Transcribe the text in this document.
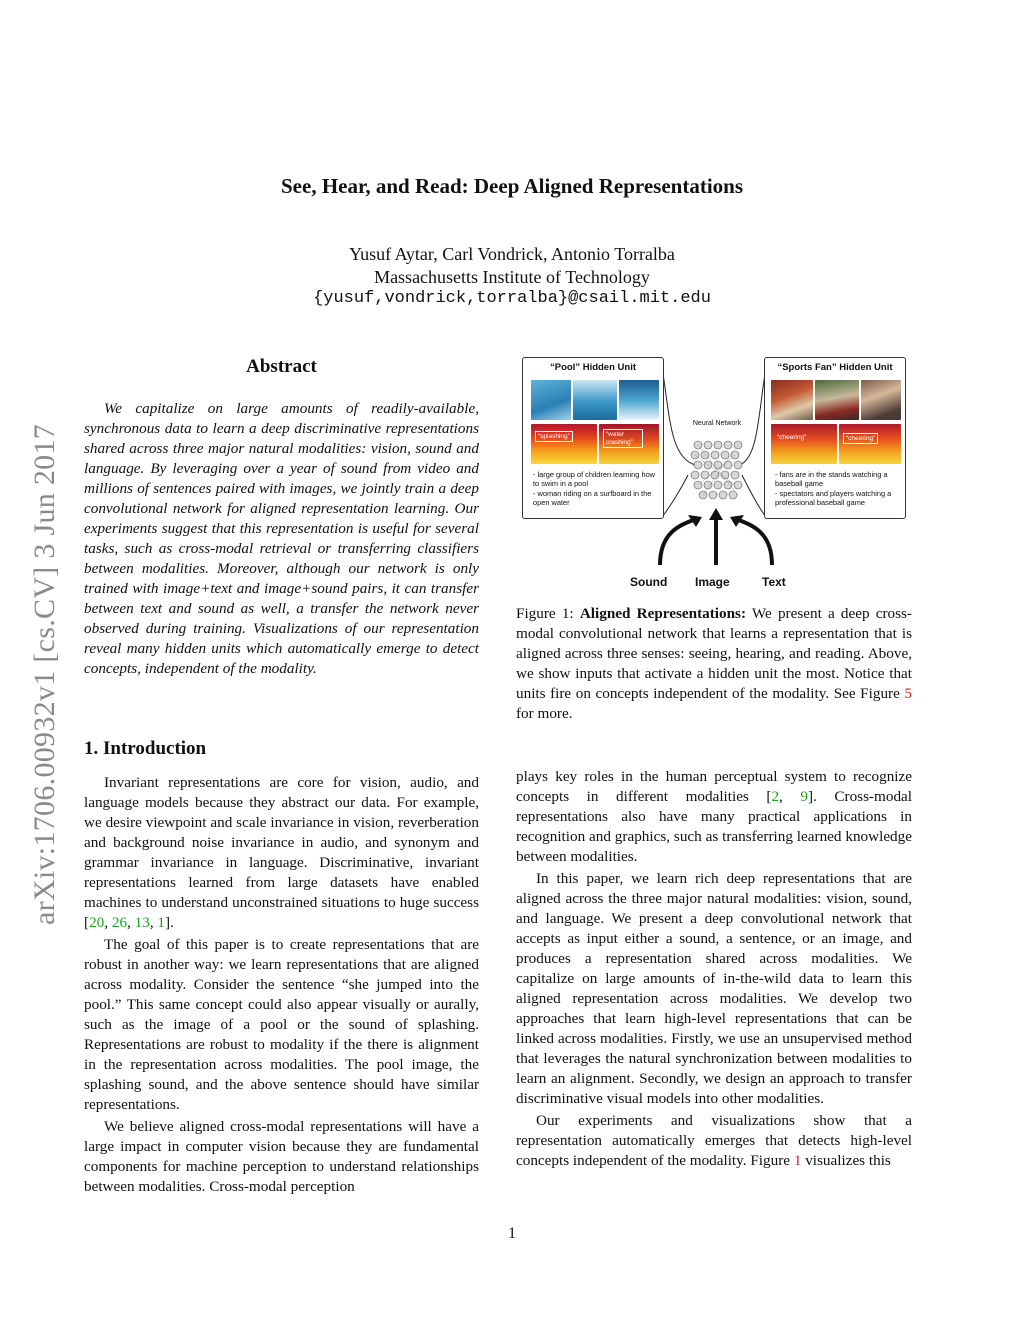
See, Hear, and Read: Deep Aligned Representations
Yusuf Aytar, Carl Vondrick, Antonio Torralba
Massachusetts Institute of Technology
{yusuf,vondrick,torralba}@csail.mit.edu
arXiv:1706.00932v1 [cs.CV] 3 Jun 2017
Abstract
We capitalize on large amounts of readily-available, synchronous data to learn a deep discriminative representations shared across three major natural modalities: vision, sound and language. By leveraging over a year of sound from video and millions of sentences paired with images, we jointly train a deep convolutional network for aligned representation learning. Our experiments suggest that this representation is useful for several tasks, such as cross-modal retrieval or transferring classifiers between modalities. Moreover, although our network is only trained with image+text and image+sound pairs, it can transfer between text and sound as well, a transfer the network never observed during training. Visualizations of our representation reveal many hidden units which automatically emerge to detect concepts, independent of the modality.
1. Introduction

Invariant representations are core for vision, audio, and language models because they abstract our data. For example, we desire viewpoint and scale invariance in vision, reverberation and background noise invariance in audio, and synonym and grammar invariance in language. Discriminative, invariant representations learned from large datasets have enabled machines to understand unconstrained situations to huge success [20, 26, 13, 1].

The goal of this paper is to create representations that are robust in another way: we learn representations that are aligned across modality. Consider the sentence “she jumped into the pool.” This same concept could also appear visually or aurally, such as the image of a pool or the sound of splashing. Representations are robust to modality if the there is alignment in the representation across modalities. The pool image, the splashing sound, and the above sentence should have similar representations.

We believe aligned cross-modal representations will have a large impact in computer vision because they are fundamental components for machine perception to understand relationships between modalities. Cross-modal perception

“Pool” Hidden Unit
“splashing”	“water crashing”
- large group of children learning how to swim in a pool
- woman riding on a surfboard in the open water
“Sports Fan” Hidden Unit
“cheering”	“cheering”
- fans are in the stands watching a baseball game
- spectators and players watching a professional baseball game
Neural Network
Sound Image	Text
Figure 1: Aligned Representations: We present a deep cross-modal convolutional network that learns a representation that is aligned across three senses: seeing, hearing, and reading. Above, we show inputs that activate a hidden unit the most. Notice that units fire on concepts independent of the modality. See Figure 5 for more.

plays key roles in the human perceptual system to recognize concepts in different modalities [2, 9]. Cross-modal representations also have many practical applications in recognition and graphics, such as transferring learned knowledge between modalities.

In this paper, we learn rich deep representations that are aligned across the three major natural modalities: vision, sound, and language. We present a deep convolutional network that accepts as input either a sound, a sentence, or an image, and produces a representation shared across modalities. We capitalize on large amounts of in-the-wild data to learn this aligned representation across modalities. We develop two approaches that learn high-level representations that can be linked across modalities. Firstly, we use an unsupervised method that leverages the natural synchronization between modalities to learn an alignment. Secondly, we design an approach to transfer discriminative visual models into other modalities.

Our experiments and visualizations show that a representation automatically emerges that detects high-level concepts independent of the modality. Figure 1 visualizes this

1
